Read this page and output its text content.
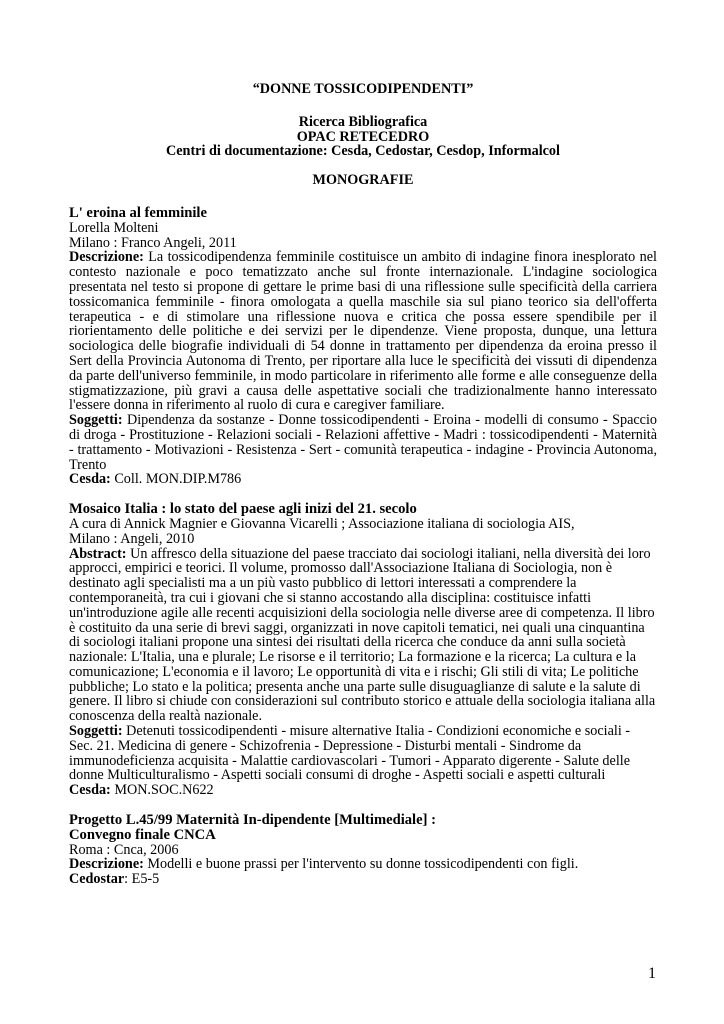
“DONNE TOSSICODIPENDENTI”
Ricerca Bibliografica
OPAC RETECEDRO
Centri di documentazione: Cesda, Cedostar, Cesdop, Informalcol
MONOGRAFIE
L' eroina al femminile
Lorella Molteni
Milano : Franco Angeli, 2011
Descrizione: La tossicodipendenza femminile costituisce un ambito di indagine finora inesplorato nel contesto nazionale e poco tematizzato anche sul fronte internazionale. L'indagine sociologica presentata nel testo si propone di gettare le prime basi di una riflessione sulle specificità della carriera tossicomanica femminile - finora omologata a quella maschile sia sul piano teorico sia dell'offerta terapeutica - e di stimolare una riflessione nuova e critica che possa essere spendibile per il riorientamento delle politiche e dei servizi per le dipendenze. Viene proposta, dunque, una lettura sociologica delle biografie individuali di 54 donne in trattamento per dipendenza da eroina presso il Sert della Provincia Autonoma di Trento, per riportare alla luce le specificità dei vissuti di dipendenza da parte dell'universo femminile, in modo particolare in riferimento alle forme e alle conseguenze della stigmatizzazione, più gravi a causa delle aspettative sociali che tradizionalmente hanno interessato l'essere donna in riferimento al ruolo di cura e caregiver familiare.
Soggetti: Dipendenza da sostanze - Donne tossicodipendenti - Eroina - modelli di consumo - Spaccio di droga - Prostituzione - Relazioni sociali - Relazioni affettive - Madri : tossicodipendenti - Maternità - trattamento - Motivazioni - Resistenza - Sert - comunità terapeutica - indagine - Provincia Autonoma, Trento
Cesda: Coll. MON.DIP.M786
Mosaico Italia : lo stato del paese agli inizi del 21. secolo
A cura di Annick Magnier e Giovanna Vicarelli ; Associazione italiana di sociologia AIS,
Milano : Angeli, 2010
Abstract: Un affresco della situazione del paese tracciato dai sociologi italiani, nella diversità dei loro approcci, empirici e teorici. Il volume, promosso dall'Associazione Italiana di Sociologia, non è destinato agli specialisti ma a un più vasto pubblico di lettori interessati a comprendere la contemporaneità, tra cui i giovani che si stanno accostando alla disciplina: costituisce infatti un'introduzione agile alle recenti acquisizioni della sociologia nelle diverse aree di competenza. Il libro è costituito da una serie di brevi saggi, organizzati in nove capitoli tematici, nei quali una cinquantina di sociologi italiani propone una sintesi dei risultati della ricerca che conduce da anni sulla società nazionale: L'Italia, una e plurale; Le risorse e il territorio; La formazione e la ricerca; La cultura e la comunicazione; L'economia e il lavoro; Le opportunità di vita e i rischi; Gli stili di vita; Le politiche pubbliche; Lo stato e la politica; presenta anche una parte sulle disuguaglianze di salute e la salute di genere. Il libro si chiude con considerazioni sul contributo storico e attuale della sociologia italiana alla conoscenza della realtà nazionale.
Soggetti: Detenuti tossicodipendenti - misure alternative Italia - Condizioni economiche e sociali - Sec. 21. Medicina di genere - Schizofrenia - Depressione - Disturbi mentali - Sindrome da immunodeficienza acquisita - Malattie cardiovascolari - Tumori - Apparato digerente - Salute delle donne Multiculturalismo - Aspetti sociali consumi di droghe - Aspetti sociali e aspetti culturali
Cesda: MON.SOC.N622
Progetto L.45/99 Maternità In-dipendente [Multimediale] :
Convegno finale CNCA
Roma : Cnca, 2006
Descrizione: Modelli e buone prassi per l'intervento su donne tossicodipendenti con figli.
Cedostar: E5-5
1
